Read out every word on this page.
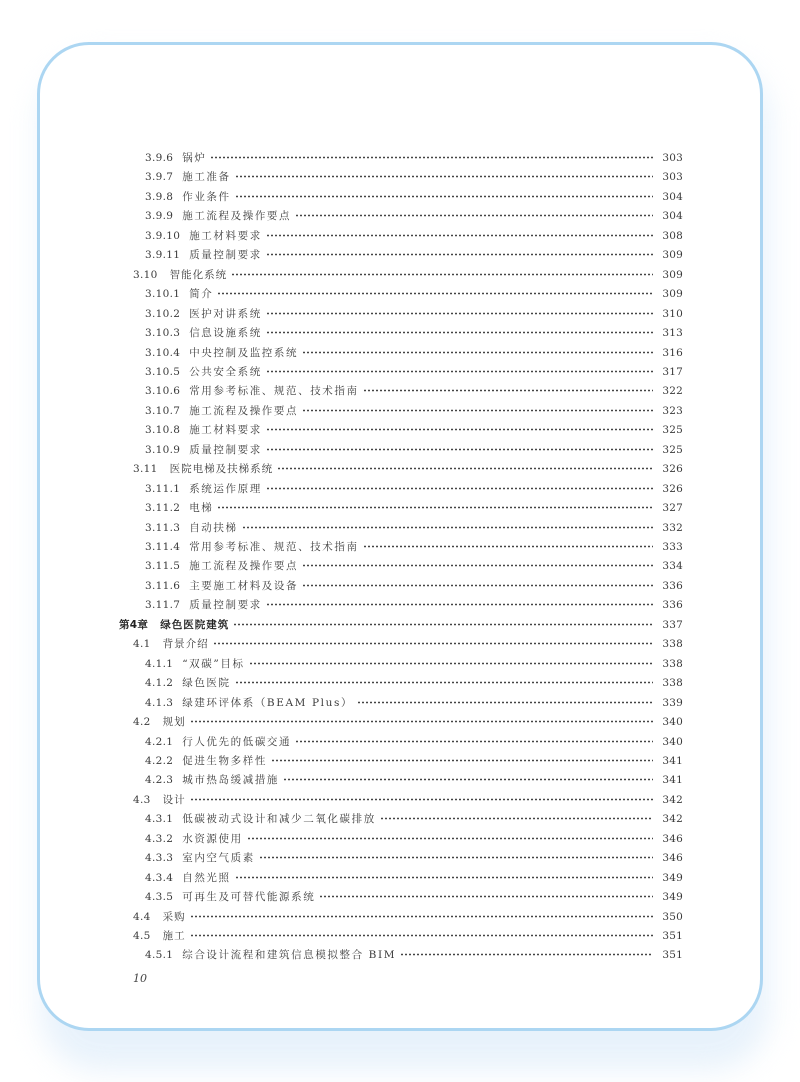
3.9.6 锅炉	303
3.9.7 施工准备	303
3.9.8 作业条件	304
3.9.9 施工流程及操作要点	304
3.9.10 施工材料要求	308
3.9.11 质量控制要求	309
3.10 智能化系统	309
3.10.1 简介	309
3.10.2 医护对讲系统	310
3.10.3 信息设施系统	313
3.10.4 中央控制及监控系统	316
3.10.5 公共安全系统	317
3.10.6 常用参考标准、规范、技术指南	322
3.10.7 施工流程及操作要点	323
3.10.8 施工材料要求	325
3.10.9 质量控制要求	325
3.11 医院电梯及扶梯系统	326
3.11.1 系统运作原理	326
3.11.2 电梯	327
3.11.3 自动扶梯	332
3.11.4 常用参考标准、规范、技术指南	333
3.11.5 施工流程及操作要点	334
3.11.6 主要施工材料及设备	336
3.11.7 质量控制要求	336
第4章 绿色医院建筑	337
4.1 背景介绍	338
4.1.1 “双碳”目标	338
4.1.2 绿色医院	338
4.1.3 绿建环评体系（BEAM Plus）	339
4.2 规划	340
4.2.1 行人优先的低碳交通	340
4.2.2 促进生物多样性	341
4.2.3 城市热岛缓减措施	341
4.3 设计	342
4.3.1 低碳被动式设计和减少二氧化碳排放	342
4.3.2 水资源使用	346
4.3.3 室内空气质素	346
4.3.4 自然光照	349
4.3.5 可再生及可替代能源系统	349
4.4 采购	350
4.5 施工	351
4.5.1 综合设计流程和建筑信息模拟整合 BIM	351
10
